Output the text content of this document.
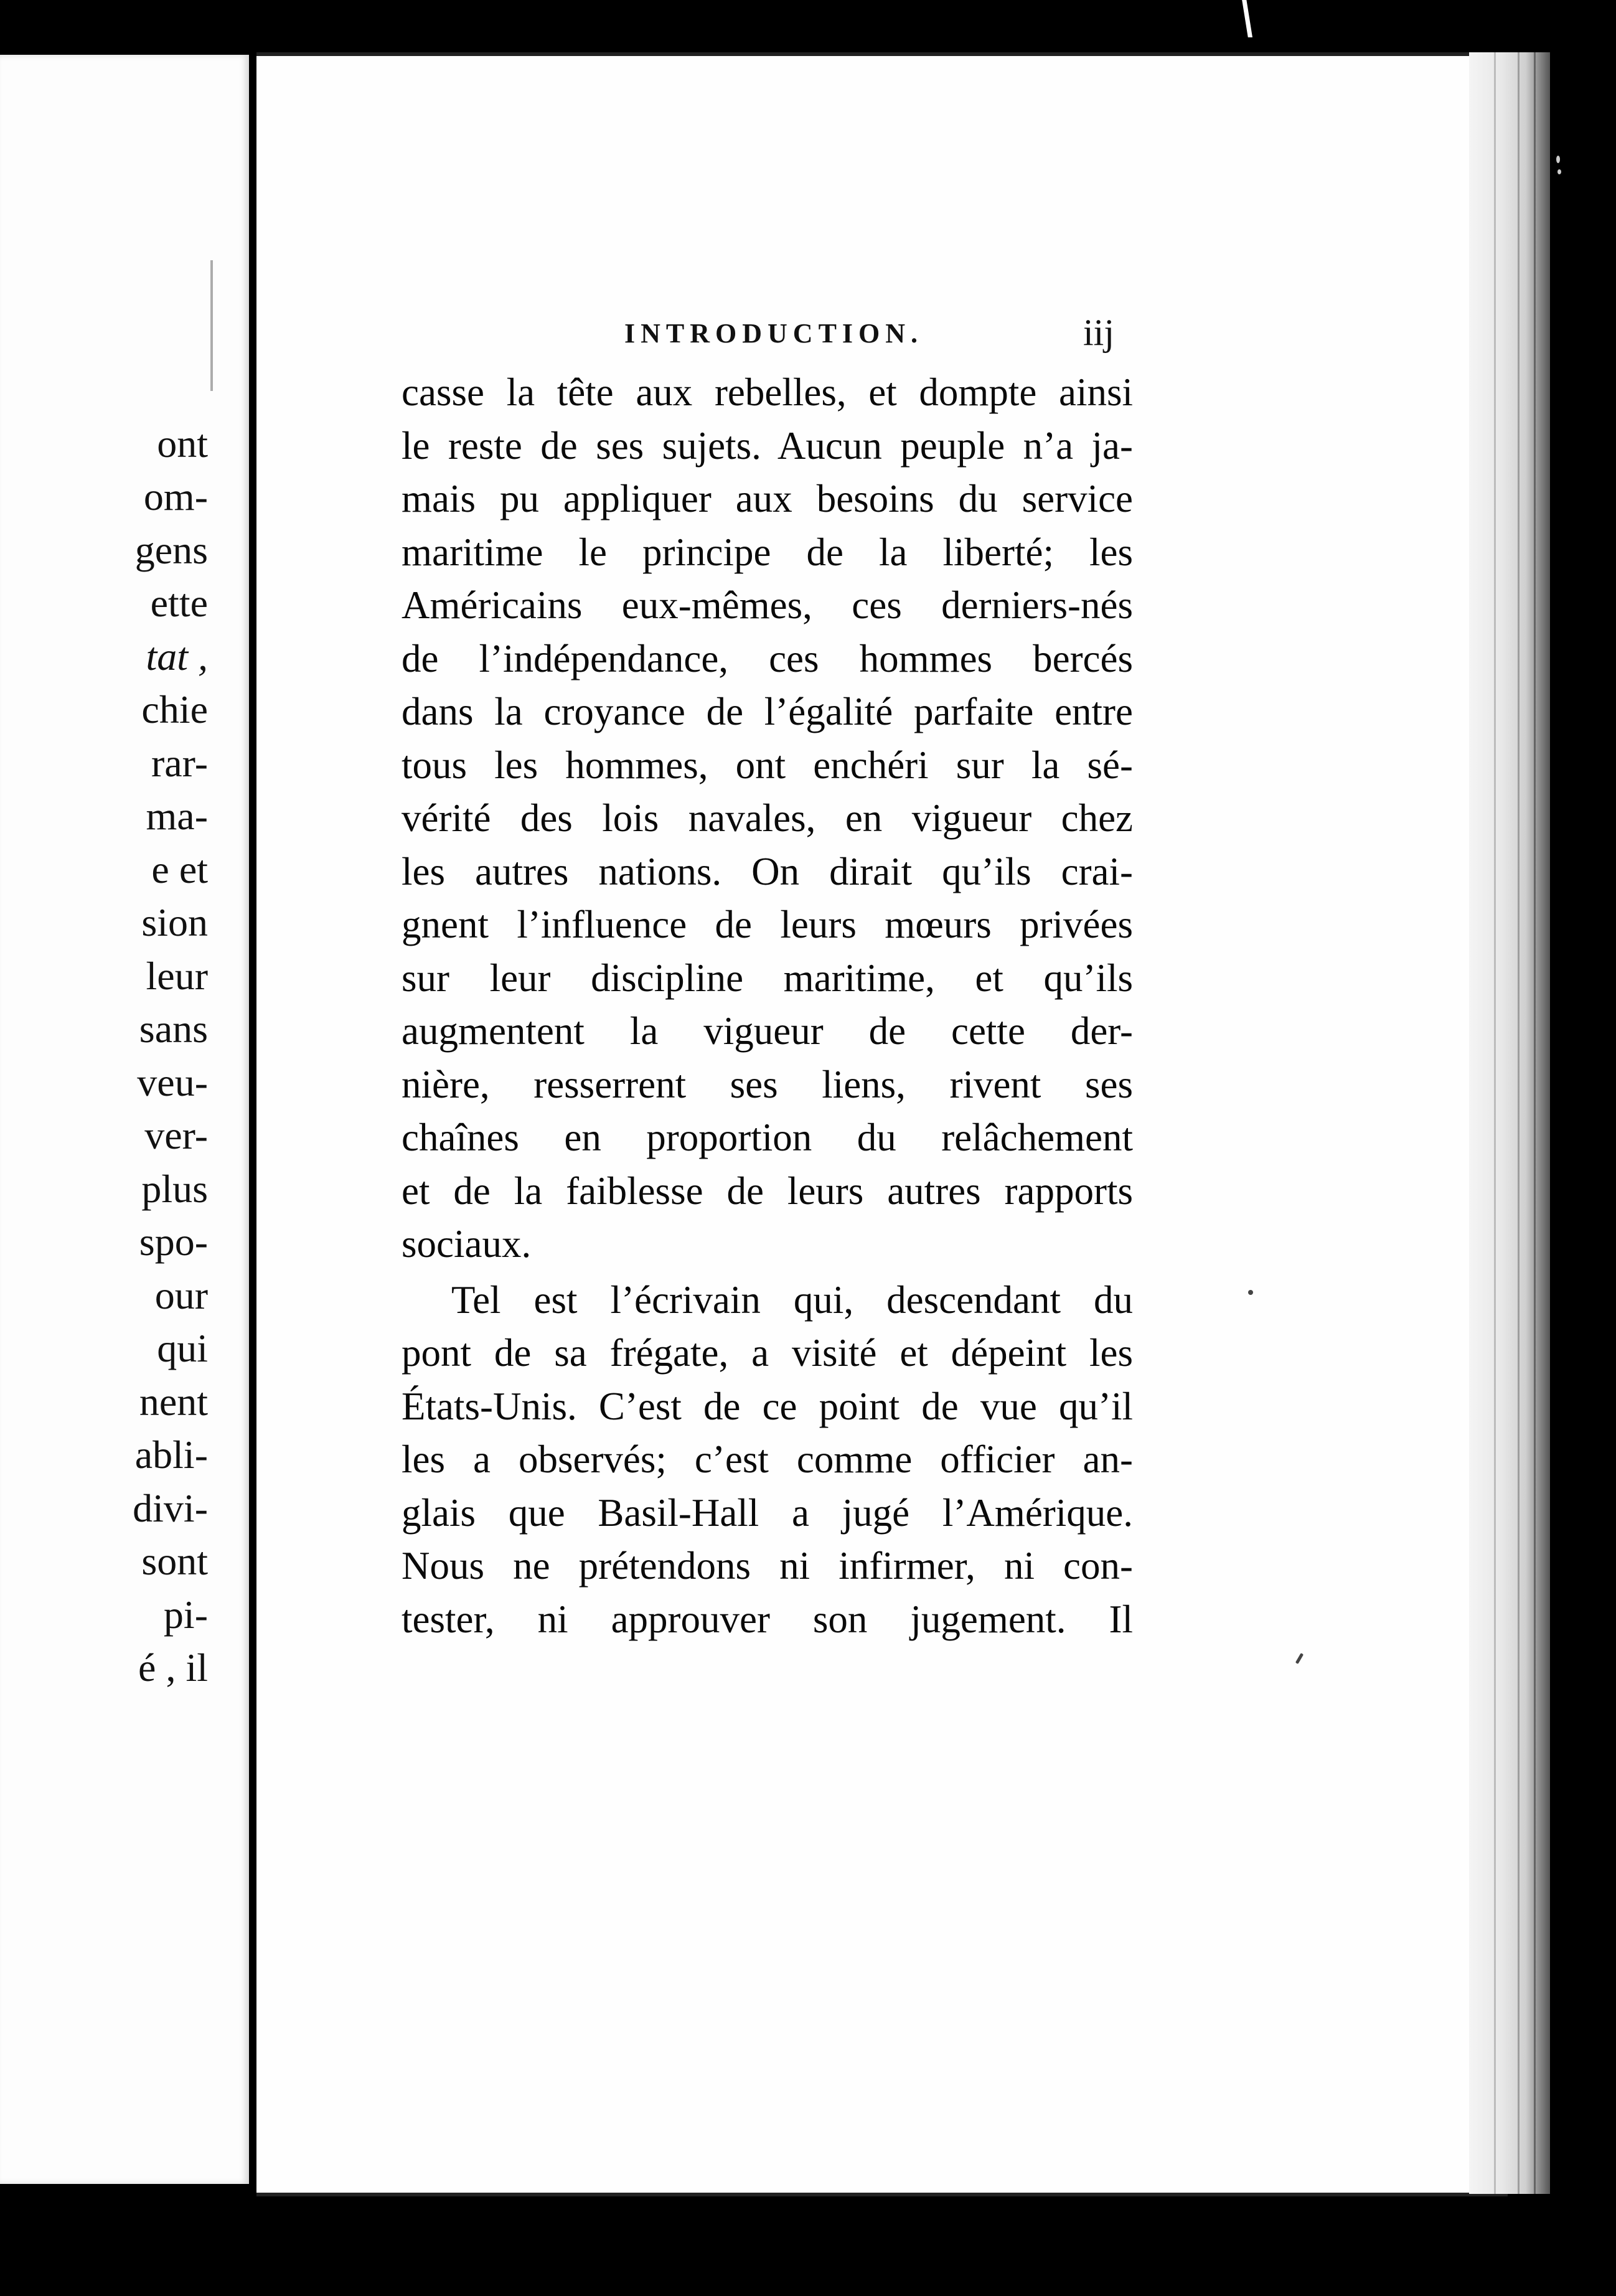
ont
om-
gens
ette
tat ,
chie
rar-
ma-
e et
sion
leur
sans
veu-
ver-
plus
spo-
our
qui
nent
abli-
divi-
sont
pi-
é , il
INTRODUCTION.	iij
casse la tête aux rebelles, et dompte ainsi
le reste de ses sujets. Aucun peuple n’a ja-
mais pu appliquer aux besoins du service
maritime le principe de la liberté; les
Américains eux-mêmes, ces derniers-nés
de l’indépendance, ces hommes bercés
dans la croyance de l’égalité parfaite entre
tous les hommes, ont enchéri sur la sé-
vérité des lois navales, en vigueur chez
les autres nations. On dirait qu’ils crai-
gnent l’influence de leurs mœurs privées
sur leur discipline maritime, et qu’ils
augmentent la vigueur de cette der-
nière, resserrent ses liens, rivent ses
chaînes en proportion du relâchement
et de la faiblesse de leurs autres rapports
sociaux.
Tel est l’écrivain qui, descendant du
pont de sa frégate, a visité et dépeint les
États-Unis. C’est de ce point de vue qu’il
les a observés; c’est comme officier an-
glais que Basil-Hall a jugé l’Amérique.
Nous ne prétendons ni infirmer, ni con-
tester, ni approuver son jugement. Il
